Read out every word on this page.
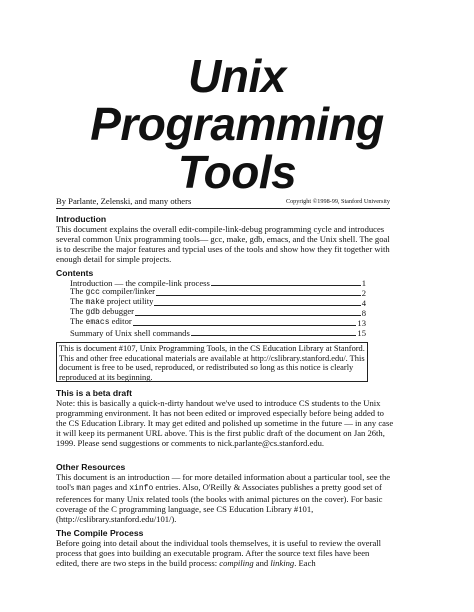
Unix
Programming
Tools
By Parlante, Zelenski, and many others	Copyright ©1998-99, Stanford University
Introduction

This document explains the overall edit-compile-link-debug programming cycle and introduces several common Unix programming tools— gcc, make, gdb, emacs, and the Unix shell. The goal is to describe the major features and typcial uses of the tools and show how they fit together with enough detail for simple projects.

Contents
Introduction — the compile-link process	1
The gcc compiler/linker	2
The make project utility	4
The gdb debugger	8
The emacs editor	13
Summary of Unix shell commands	15
This is document #107, Unix Programming Tools, in the CS Education Library at Stanford. This and other free educational materials are available at http://cslibrary.stanford.edu/. This document is free to be used, reproduced, or redistributed so long as this notice is clearly reproduced at its beginning.
This is a beta draft

Note: this is basically a quick-n-dirty handout we've used to introduce CS students to the Unix programming environment. It has not been edited or improved especially before being added to the CS Education Library. It may get edited and polished up sometime in the future — in any case it will keep its permanent URL above. This is the first public draft of the document on Jan 26th, 1999. Please send suggestions or comments to nick.parlante@cs.stanford.edu.

Other Resources

This document is an introduction — for more detailed information about a particular tool, see the tool's man pages and xinfo entries. Also, O'Reilly & Associates publishes a pretty good set of references for many Unix related tools (the books with animal pictures on the cover). For basic coverage of the C programming language, see CS Education Library #101, (http://cslibrary.stanford.edu/101/).

The Compile Process

Before going into detail about the individual tools themselves, it is useful to review the overall process that goes into building an executable program. After the source text files have been edited, there are two steps in the build process: compiling and linking. Each
